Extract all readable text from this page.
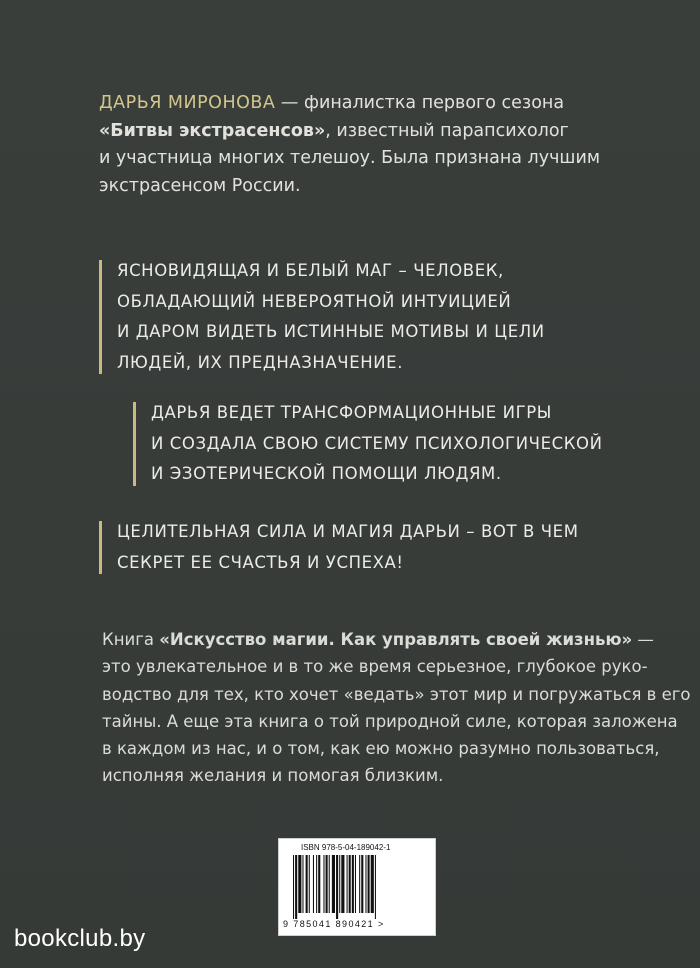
ДАРЬЯ МИРОНОВА — финалистка первого сезона
«Битвы экстрасенсов», известный парапсихолог
и участница многих телешоу. Была признана лучшим
экстрасенсом России.
ЯСНОВИДЯЩАЯ И БЕЛЫЙ МАГ – ЧЕЛОВЕК,
ОБЛАДАЮЩИЙ НЕВЕРОЯТНОЙ ИНТУИЦИЕЙ
И ДАРОМ ВИДЕТЬ ИСТИННЫЕ МОТИВЫ И ЦЕЛИ
ЛЮДЕЙ, ИХ ПРЕДНАЗНАЧЕНИЕ.
ДАРЬЯ ВЕДЕТ ТРАНСФОРМАЦИОННЫЕ ИГРЫ
И СОЗДАЛА СВОЮ СИСТЕМУ ПСИХОЛОГИЧЕСКОЙ
И ЭЗОТЕРИЧЕСКОЙ ПОМОЩИ ЛЮДЯМ.
ЦЕЛИТЕЛЬНАЯ СИЛА И МАГИЯ ДАРЬИ – ВОТ В ЧЕМ
СЕКРЕТ ЕЕ СЧАСТЬЯ И УСПЕХА!
Книга «Искусство магии. Как управлять своей жизнью» —
это увлекательное и в то же время серьезное, глубокое руко-
водство для тех, кто хочет «ведать» этот мир и погружаться в его
тайны. А еще эта книга о той природной силе, которая заложена
в каждом из нас, и о том, как ею можно разумно пользоваться,
исполняя желания и помогая близким.
ISBN 978-5-04-189042-1
9 785041 890421 >
bookclub.by
